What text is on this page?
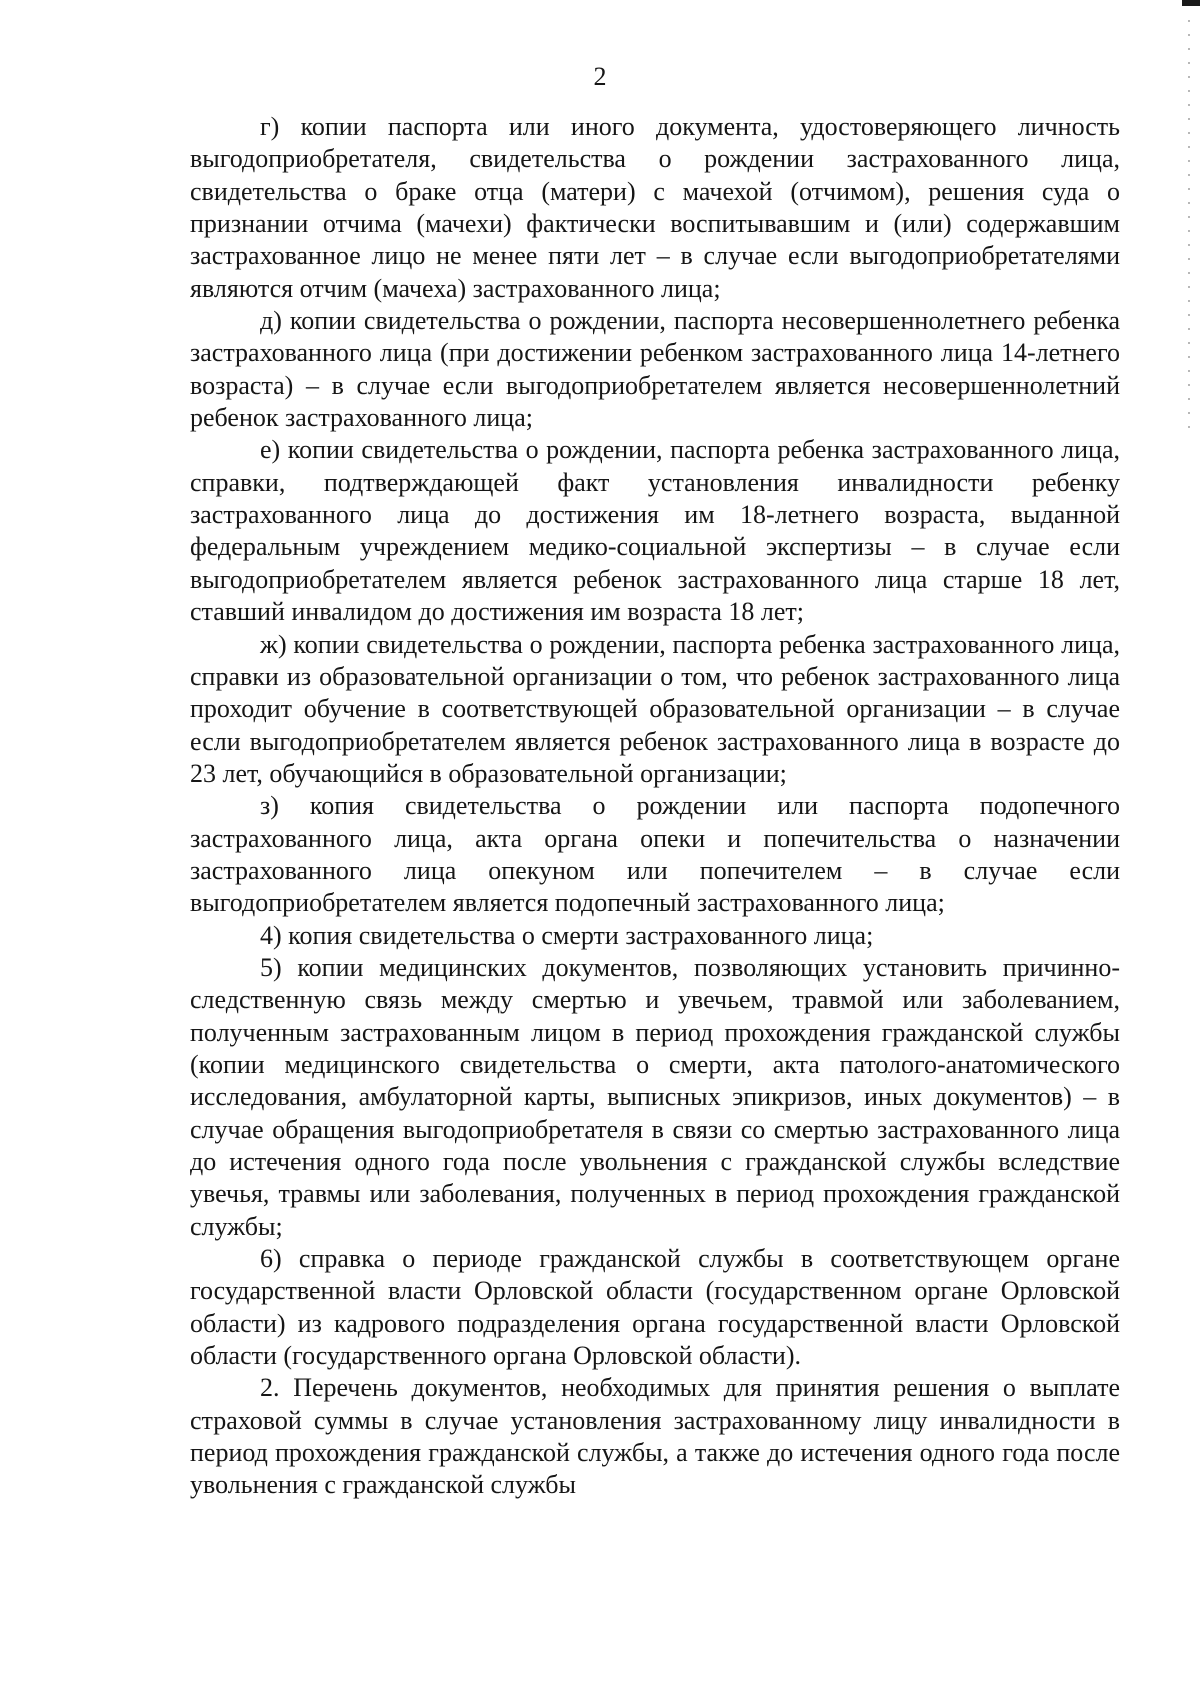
2

г) копии паспорта или иного документа, удостоверяющего личность выгодоприобретателя, свидетельства о рождении застрахованного лица, свидетельства о браке отца (матери) с мачехой (отчимом), решения суда о признании отчима (мачехи) фактически воспитывавшим и (или) содержавшим застрахованное лицо не менее пяти лет – в случае если выгодоприобретателями являются отчим (мачеха) застрахованного лица;

д) копии свидетельства о рождении, паспорта несовершеннолетнего ребенка застрахованного лица (при достижении ребенком застрахованного лица 14-летнего возраста) – в случае если выгодоприобретателем является несовершеннолетний ребенок застрахованного лица;

е) копии свидетельства о рождении, паспорта ребенка застрахованного лица, справки, подтверждающей факт установления инвалидности ребенку застрахованного лица до достижения им 18-летнего возраста, выданной федеральным учреждением медико-социальной экспертизы – в случае если выгодоприобретателем является ребенок застрахованного лица старше 18 лет, ставший инвалидом до достижения им возраста 18 лет;

ж) копии свидетельства о рождении, паспорта ребенка застрахованного лица, справки из образовательной организации о том, что ребенок застрахованного лица проходит обучение в соответствующей образовательной организации – в случае если выгодоприобретателем является ребенок застрахованного лица в возрасте до 23 лет, обучающийся в образовательной организации;

з) копия свидетельства о рождении или паспорта подопечного застрахованного лица, акта органа опеки и попечительства о назначении застрахованного лица опекуном или попечителем – в случае если выгодоприобретателем является подопечный застрахованного лица;

4) копия свидетельства о смерти застрахованного лица;

5) копии медицинских документов, позволяющих установить причинно-следственную связь между смертью и увечьем, травмой или заболеванием, полученным застрахованным лицом в период прохождения гражданской службы (копии медицинского свидетельства о смерти, акта патолого-анатомического исследования, амбулаторной карты, выписных эпикризов, иных документов) – в случае обращения выгодоприобретателя в связи со смертью застрахованного лица до истечения одного года после увольнения с гражданской службы вследствие увечья, травмы или заболевания, полученных в период прохождения гражданской службы;

6) справка о периоде гражданской службы в соответствующем органе государственной власти Орловской области (государственном органе Орловской области) из кадрового подразделения органа государственной власти Орловской области (государственного органа Орловской области).

2. Перечень документов, необходимых для принятия решения о выплате страховой суммы в случае установления застрахованному лицу инвалидности в период прохождения гражданской службы, а также до истечения одного года после увольнения с гражданской службы
